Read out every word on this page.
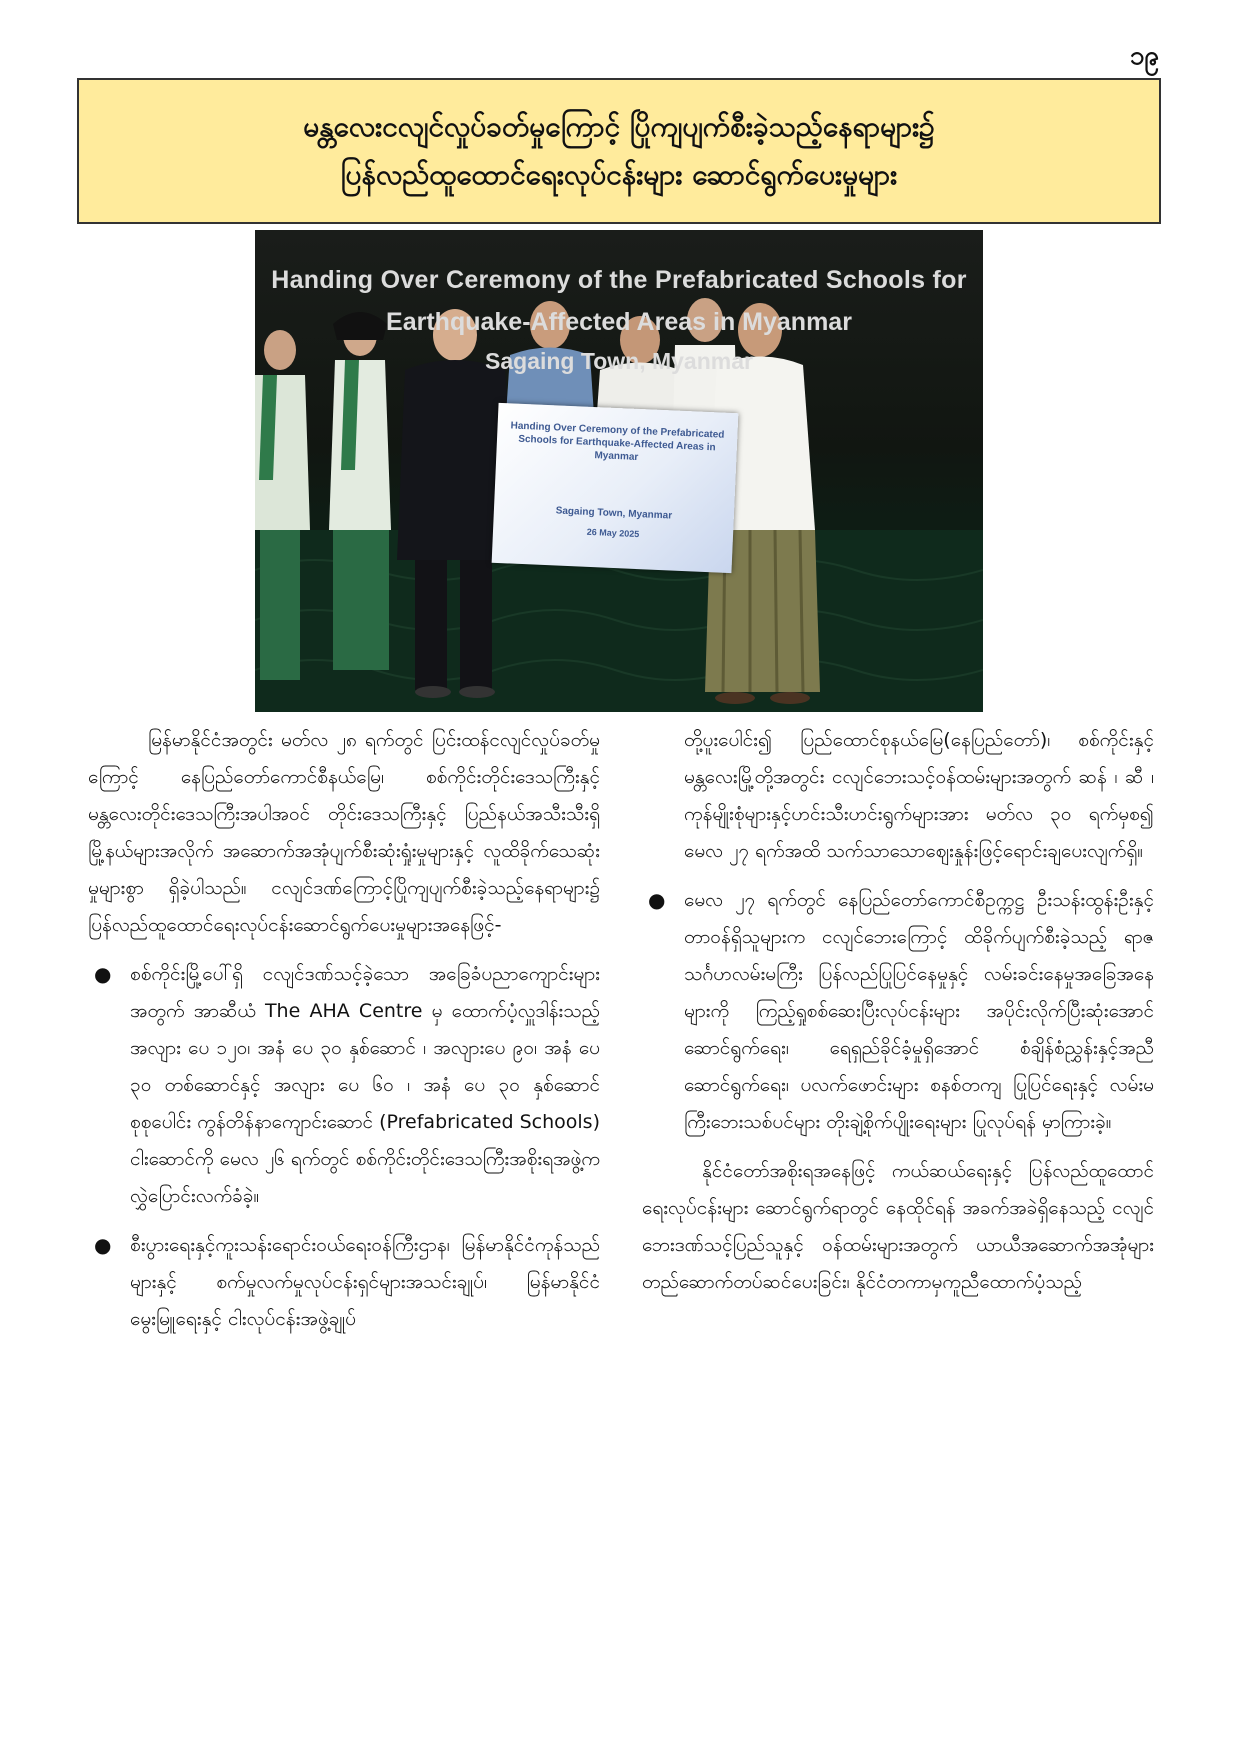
၁၉
မန္တလေးငလျင်လှုပ်ခတ်မှုကြောင့် ပြိုကျပျက်စီးခဲ့သည့်နေရာများ၌
ပြန်လည်ထူထောင်ရေးလုပ်ငန်းများ ဆောင်ရွက်ပေးမှုများ
Handing Over Ceremony of the Prefabricated Schools for
Earthquake-Affected Areas in Myanmar
Sagaing Town, Myanmar
Handing Over Ceremony of the Prefabricated Schools for Earthquake-Affected Areas in Myanmar
Sagaing Town, Myanmar
26 May 2025

မြန်မာနိုင်ငံအတွင်း မတ်လ ၂၈ ရက်တွင် ပြင်းထန်ငလျင်လှုပ်ခတ်မှုကြောင့် နေပြည်တော်ကောင်စီနယ်မြေ၊ စစ်ကိုင်းတိုင်းဒေသကြီးနှင့် မန္တလေးတိုင်းဒေသကြီးအပါအဝင် တိုင်းဒေသကြီးနှင့် ပြည်နယ်အသီးသီးရှိ မြို့နယ်များအလိုက် အဆောက်အအုံပျက်စီးဆုံးရှုံးမှုများနှင့် လူထိခိုက်သေဆုံးမှုများစွာ ရှိခဲ့ပါသည်။ ငလျင်ဒဏ်ကြောင့်ပြိုကျပျက်စီးခဲ့သည့်နေရာများ၌ ပြန်လည်ထူထောင်ရေးလုပ်ငန်းဆောင်ရွက်ပေးမှုများအနေဖြင့်-

● စစ်ကိုင်းမြို့ပေါ်ရှိ ငလျင်ဒဏ်သင့်ခဲ့သော အခြေခံပညာကျောင်းများအတွက် အာဆီယံ The AHA Centre မှ ထောက်ပံ့လှူဒါန်းသည့် အလျား ပေ ၁၂၀၊ အနံ ပေ ၃၀ နှစ်ဆောင် ၊ အလျားပေ ၉၀၊ အနံ ပေ ၃၀ တစ်ဆောင်နှင့် အလျား ပေ ၆၀ ၊ အနံ ပေ ၃၀ နှစ်ဆောင် စုစုပေါင်း ကွန်တိန်နာကျောင်းဆောင် (Prefabricated Schools) ငါးဆောင်ကို မေလ ၂၆ ရက်တွင် စစ်ကိုင်းတိုင်းဒေသကြီးအစိုးရအဖွဲ့က လွှဲပြောင်းလက်ခံခဲ့။
● စီးပွားရေးနှင့်ကူးသန်းရောင်းဝယ်ရေးဝန်ကြီးဌာန၊ မြန်မာနိုင်ငံကုန်သည်များနှင့် စက်မှုလက်မှုလုပ်ငန်းရှင်များအသင်းချုပ်၊ မြန်မာနိုင်ငံမွေးမြူရေးနှင့် ငါးလုပ်ငန်းအဖွဲ့ချုပ်

တို့ပူးပေါင်း၍ ပြည်ထောင်စုနယ်မြေ(နေပြည်တော်)၊ စစ်ကိုင်းနှင့် မန္တလေးမြို့တို့အတွင်း ငလျင်ဘေးသင့်ဝန်ထမ်းများအတွက် ဆန် ၊ ဆီ ၊ ကုန်မျိုးစုံများနှင့်ဟင်းသီးဟင်းရွက်များအား မတ်လ ၃၀ ရက်မှစ၍ မေလ ၂၇ ရက်အထိ သက်သာသောဈေးနှုန်းဖြင့်ရောင်းချပေးလျက်ရှိ။

● မေလ ၂၇ ရက်တွင် နေပြည်တော်ကောင်စီဥက္ကဋ္ဌ ဦးသန်းထွန်းဦးနှင့်တာဝန်ရှိသူများက ငလျင်ဘေးကြောင့် ထိခိုက်ပျက်စီးခဲ့သည့် ရာဇသင်္ဂဟလမ်းမကြီး ပြန်လည်ပြုပြင်နေမှုနှင့် လမ်းခင်းနေမှုအခြေအနေများကို ကြည့်ရှုစစ်ဆေးပြီးလုပ်ငန်းများ အပိုင်းလိုက်ပြီးဆုံးအောင် ဆောင်ရွက်ရေး၊ ရေရှည်ခိုင်ခံ့မှုရှိအောင် စံချိန်စံညွှန်းနှင့်အညီဆောင်ရွက်ရေး၊ ပလက်ဖောင်းများ စနစ်တကျ ပြုပြင်ရေးနှင့် လမ်းမကြီးဘေးသစ်ပင်များ တိုးချဲ့စိုက်ပျိုးရေးများ ပြုလုပ်ရန် မှာကြားခဲ့။

နိုင်ငံတော်အစိုးရအနေဖြင့် ကယ်ဆယ်ရေးနှင့် ပြန်လည်ထူထောင်ရေးလုပ်ငန်းများ ဆောင်ရွက်ရာတွင် နေထိုင်ရန် အခက်အခဲရှိနေသည့် ငလျင်ဘေးဒဏ်သင့်ပြည်သူနှင့် ဝန်ထမ်းများအတွက် ယာယီအဆောက်အအုံများ တည်ဆောက်တပ်ဆင်ပေးခြင်း၊ နိုင်ငံတကာမှကူညီထောက်ပံ့သည့်
